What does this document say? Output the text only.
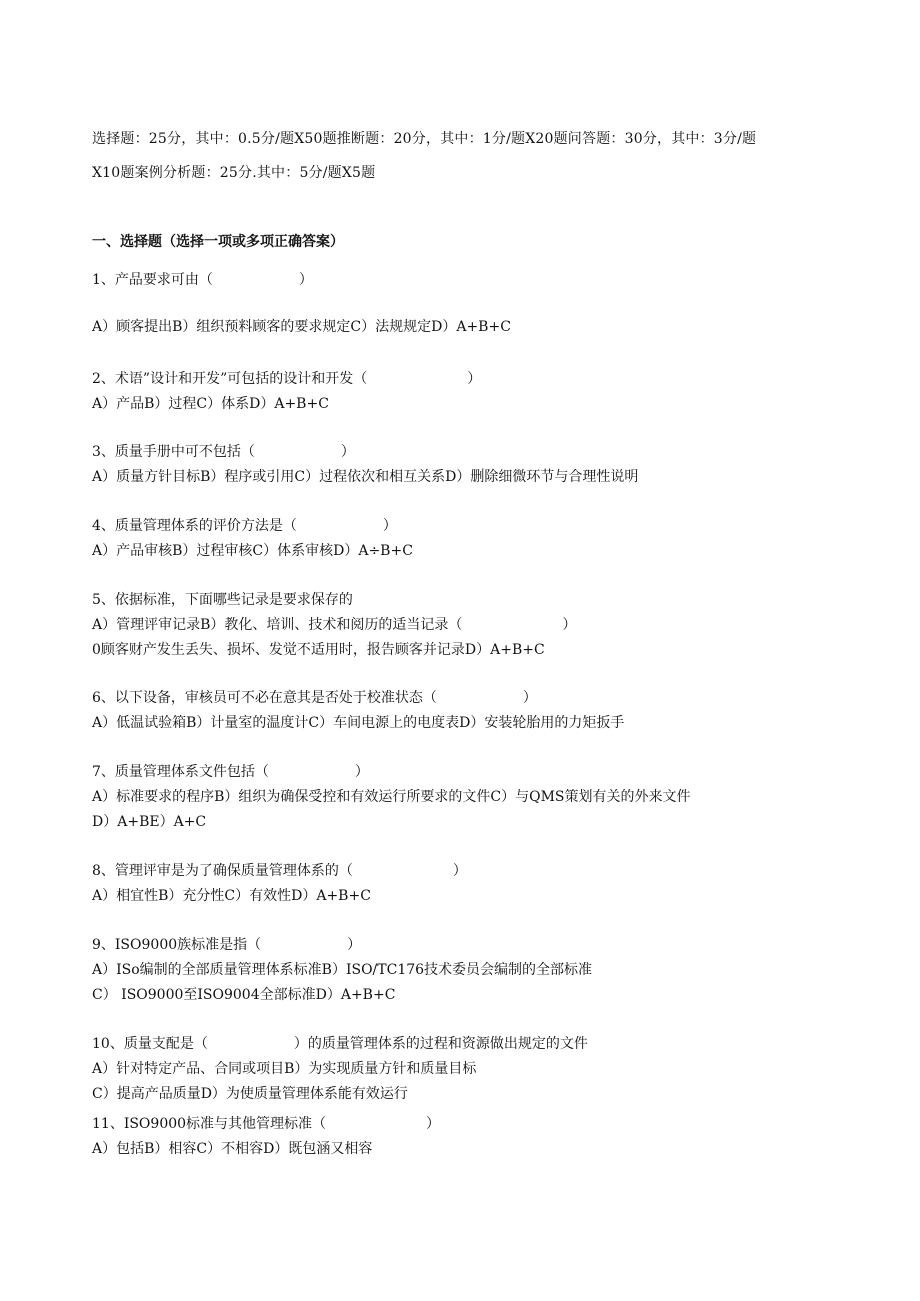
选择题：25分，其中：0.5分/题X50题推断题：20分，其中：1分/题X20题问答题：30分，其中：3分/题

X10题案例分析题：25分.其中：5分/题X5题

一、选择题（选择一项或多项正确答案）
1、产品要求可由（	）
A）顾客提出B）组织预料顾客的要求规定C）法规规定D）A+B+C
2、术语”设计和开发”可包括的设计和开发（	）
A）产品B）过程C）体系D）A+B+C
3、质量手册中可不包括（	）
A）质量方针目标B）程序或引用C）过程依次和相互关系D）删除细微环节与合理性说明
4、质量管理体系的评价方法是（	）
A）产品审核B）过程审核C）体系审核D）A÷B+C
5、依据标准，下面哪些记录是要求保存的
A）管理评审记录B）教化、培训、技术和阅历的适当记录（	）
0顾客财产发生丢失、损坏、发觉不适用时，报告顾客并记录D）A+B+C
6、以下设备，审核员可不必在意其是否处于校准状态（	）
A）低温试验箱B）计量室的温度计C）车间电源上的电度表D）安装轮胎用的力矩扳手
7、质量管理体系文件包括（	）
A）标准要求的程序B）组织为确保受控和有效运行所要求的文件C）与QMS策划有关的外来文件
D）A+BE）A+C
8、管理评审是为了确保质量管理体系的（	）
A）相宜性B）充分性C）有效性D）A+B+C
9、ISO9000族标准是指（	）
A）ISo编制的全部质量管理体系标准B）ISO/TC176技术委员会编制的全部标准
C） ISO9000至ISO9004全部标准D）A+B+C
10、质量支配是（	）的质量管理体系的过程和资源做出规定的文件
A）针对特定产品、合同或项目B）为实现质量方针和质量目标
C）提高产品质量D）为使质量管理体系能有效运行
11、ISO9000标准与其他管理标准（	）
A）包括B）相容C）不相容D）既包涵又相容
